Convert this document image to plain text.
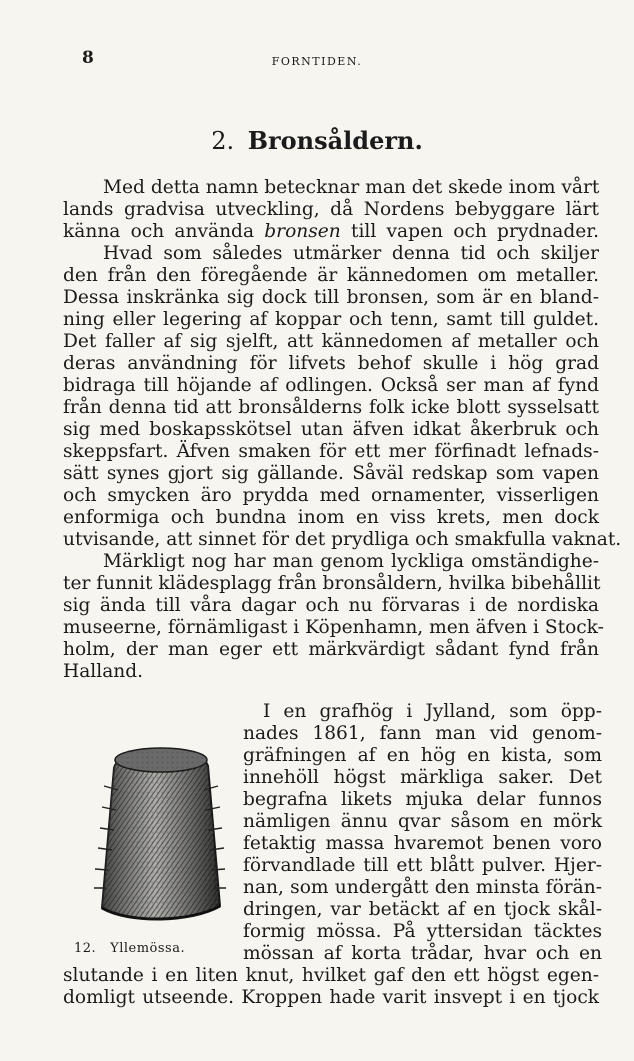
8	FORNTIDEN.
2. Bronsåldern.
Med detta namn betecknar man det skede inom vårt
lands gradvisa utveckling, då Nordens bebyggare lärt
känna och använda bronsen till vapen och prydnader.
Hvad som således utmärker denna tid och skiljer
den från den föregående är kännedomen om metaller.
Dessa inskränka sig dock till bronsen, som är en bland-
ning eller legering af koppar och tenn, samt till guldet.
Det faller af sig sjelft, att kännedomen af metaller och
deras användning för lifvets behof skulle i hög grad
bidraga till höjande af odlingen. Också ser man af fynd
från denna tid att bronsålderns folk icke blott sysselsatt
sig med boskapsskötsel utan äfven idkat åkerbruk och
skeppsfart. Äfven smaken för ett mer förfinadt lefnads-
sätt synes gjort sig gällande. Såväl redskap som vapen
och smycken äro prydda med ornamenter, visserligen
enformiga och bundna inom en viss krets, men dock
utvisande, att sinnet för det prydliga och smakfulla vaknat.
Märkligt nog har man genom lyckliga omständighe-
ter funnit klädesplagg från bronsåldern, hvilka bibehållit
sig ända till våra dagar och nu förvaras i de nordiska
museerne, förnämligast i Köpenhamn, men äfven i Stock-
holm, der man eger ett märkvärdigt sådant fynd från
Halland.
12. Yllemössa.
I en grafhög i Jylland, som öpp-
nades 1861, fann man vid genom-
gräfningen af en hög en kista, som
innehöll högst märkliga saker. Det
begrafna likets mjuka delar funnos
nämligen ännu qvar såsom en mörk
fetaktig massa hvaremot benen voro
förvandlade till ett blått pulver. Hjer-
nan, som undergått den minsta förän-
dringen, var betäckt af en tjock skål-
formig mössa. På yttersidan täcktes
mössan af korta trådar, hvar och en
slutande i en liten knut, hvilket gaf den ett högst egen-
domligt utseende. Kroppen hade varit insvept i en tjock
